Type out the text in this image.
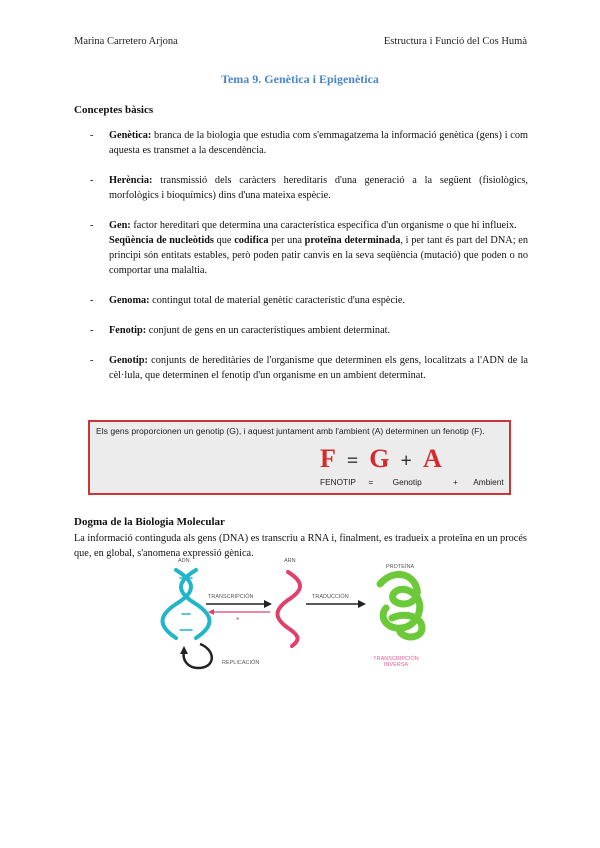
Marina Carretero Arjona	Estructura i Funció del Cos Humà
Tema 9. Genètica i Epigenètica
Conceptes bàsics
- Genètica: branca de la biologia que estudia com s'emmagatzema la informació genètica (gens) i com aquesta es transmet a la descendència.

- Herència: transmissió dels caràcters hereditaris d'una generació a la següent (fisiològics, morfològics i bioquímics) dins d'una mateixa espècie.

- Gen: factor hereditari que determina una característica específica d'un organisme o que hi influeix.

Seqüència de nucleòtids que codifica per una proteïna determinada, i per tant és part del DNA; en principi són entitats estables, però poden patir canvis en la seva seqüència (mutació) que poden o no comportar una malaltia.

- Genoma: contingut total de material genètic característic d'una espècie.

- Fenotip: conjunt de gens en un característiques ambient determinat.

- Genotip: conjunts de hereditàries de l'organisme que determinen els gens, localitzats a l'ADN de la cèl·lula, que determinen el fenotip d'un organisme en un ambient determinat.

Els gens proporcionen un genotip (G), i aquest juntament amb l'ambient (A) determinen un fenotip (F).
F = G + A
FENOTIP = Genotip	+ Ambient
Dogma de la Biologia Molecular

La informació continguda als gens (DNA) es transcriu a RNA i, finalment, es tradueix a proteïna en un procés que, en global, s'anomena expressió gènica.

ADN	ARN
PROTEÍNA
TRANSCRIPCIÓN	TRADUCCIÓN
*
REPLICACIÓN
TRANSCRIPCIÓN INVERSA
